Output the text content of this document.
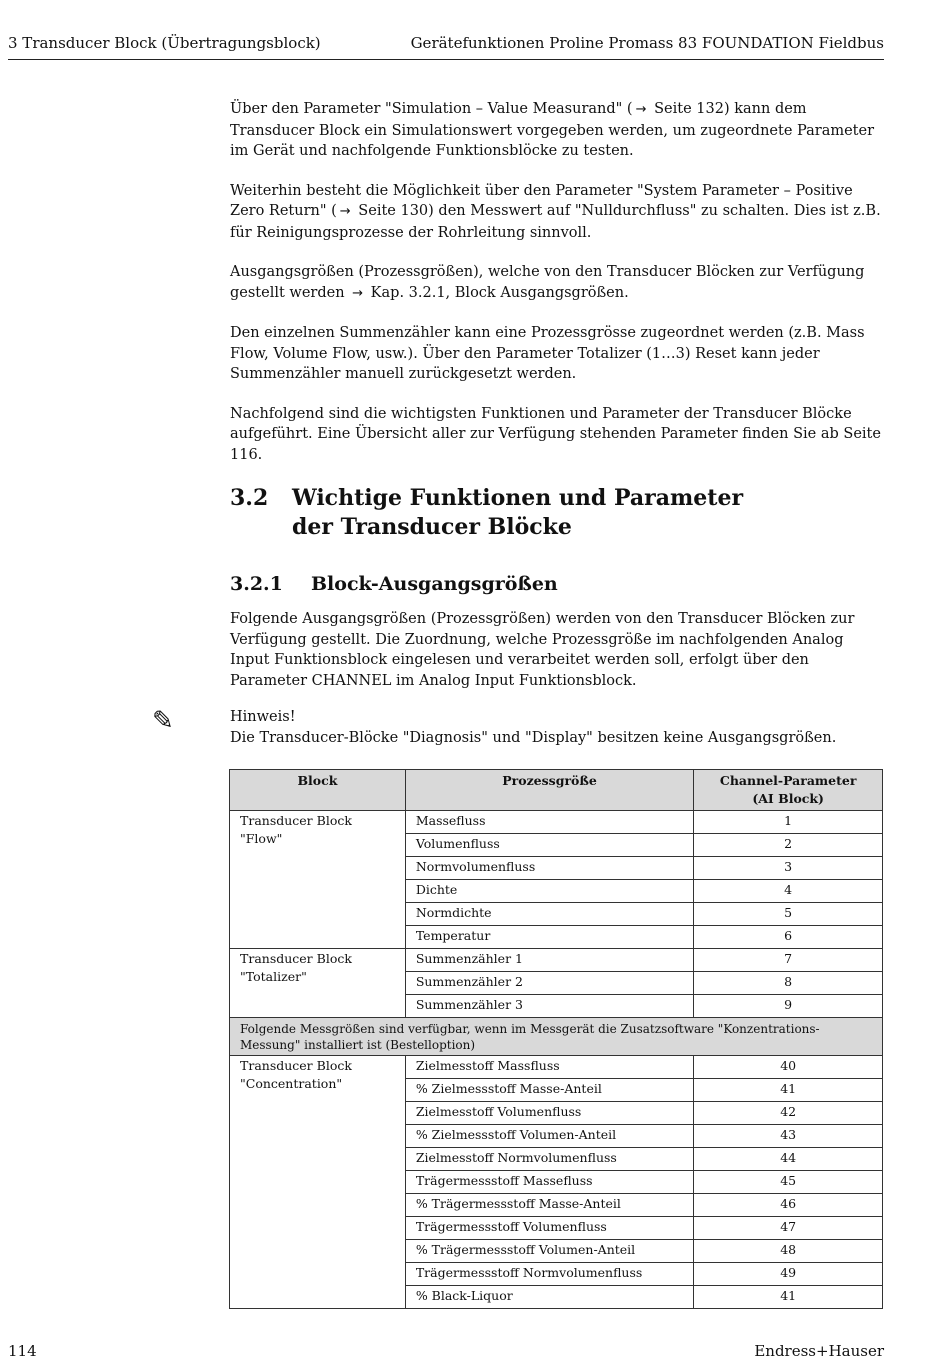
3 Transducer Block (Übertragungsblock)	Gerätefunktionen Proline Promass 83 FOUNDATION Fieldbus

Über den Parameter "Simulation – Value Measurand" ( → Seite 132) kann dem Transducer Block ein Simulationswert vorgegeben werden, um zugeordnete Parameter im Gerät und nachfolgende Funktionsblöcke zu testen.

Weiterhin besteht die Möglichkeit über den Parameter "System Parameter – Positive Zero Return" ( → Seite 130) den Messwert auf "Nulldurchfluss" zu schalten. Dies ist z.B. für Reinigungsprozesse der Rohrleitung sinnvoll.

Ausgangsgrößen (Prozessgrößen), welche von den Transducer Blöcken zur Verfügung gestellt werden → Kap. 3.2.1, Block Ausgangsgrößen.

Den einzelnen Summenzähler kann eine Prozessgrösse zugeordnet werden (z.B. Mass Flow, Volume Flow, usw.). Über den Parameter Totalizer (1…3) Reset kann jeder Summenzähler manuell zurückgesetzt werden.

Nachfolgend sind die wichtigsten Funktionen und Parameter der Transducer Blöcke aufgeführt. Eine Übersicht aller zur Verfügung stehenden Parameter finden Sie ab Seite 116.

3.2 Wichtige Funktionen und Parameter
der Transducer Blöcke
3.2.1 Block-Ausgangsgrößen

Folgende Ausgangsgrößen (Prozessgrößen) werden von den Transducer Blöcken zur Verfügung gestellt. Die Zuordnung, welche Prozessgröße im nachfolgenden Analog Input Funktionsblock eingelesen und verarbeitet werden soll, erfolgt über den Parameter CHANNEL im Analog Input Funktionsblock.

✎	Hinweis!
Die Transducer-Blöcke "Diagnosis" und "Display" besitzen keine Ausgangsgrößen.
Block	Prozessgröße	Channel-Parameter
(AI Block)
Transducer Block "Flow"	Massefluss	1
	Volumenfluss	2
	Normvolumenfluss	3
	Dichte	4
	Normdichte	5
	Temperatur	6
Transducer Block "Totalizer"	Summenzähler 1	7
	Summenzähler 2	8
	Summenzähler 3	9
Folgende Messgrößen sind verfügbar, wenn im Messgerät die Zusatzsoftware "Konzentrations-Messung" installiert ist (Bestelloption)		
Transducer Block "Concentration"	Zielmesstoff Massfluss	40
	% Zielmessstoff Masse-Anteil	41
	Zielmesstoff Volumenfluss	42
	% Zielmessstoff Volumen-Anteil	43
	Zielmesstoff Normvolumenfluss	44
	Trägermessstoff Massefluss	45
	% Trägermessstoff Masse-Anteil	46
	Trägermessstoff Volumenfluss	47
	% Trägermessstoff Volumen-Anteil	48
	Trägermessstoff Normvolumenfluss	49
	% Black-Liquor	41
114	Endress+Hauser
